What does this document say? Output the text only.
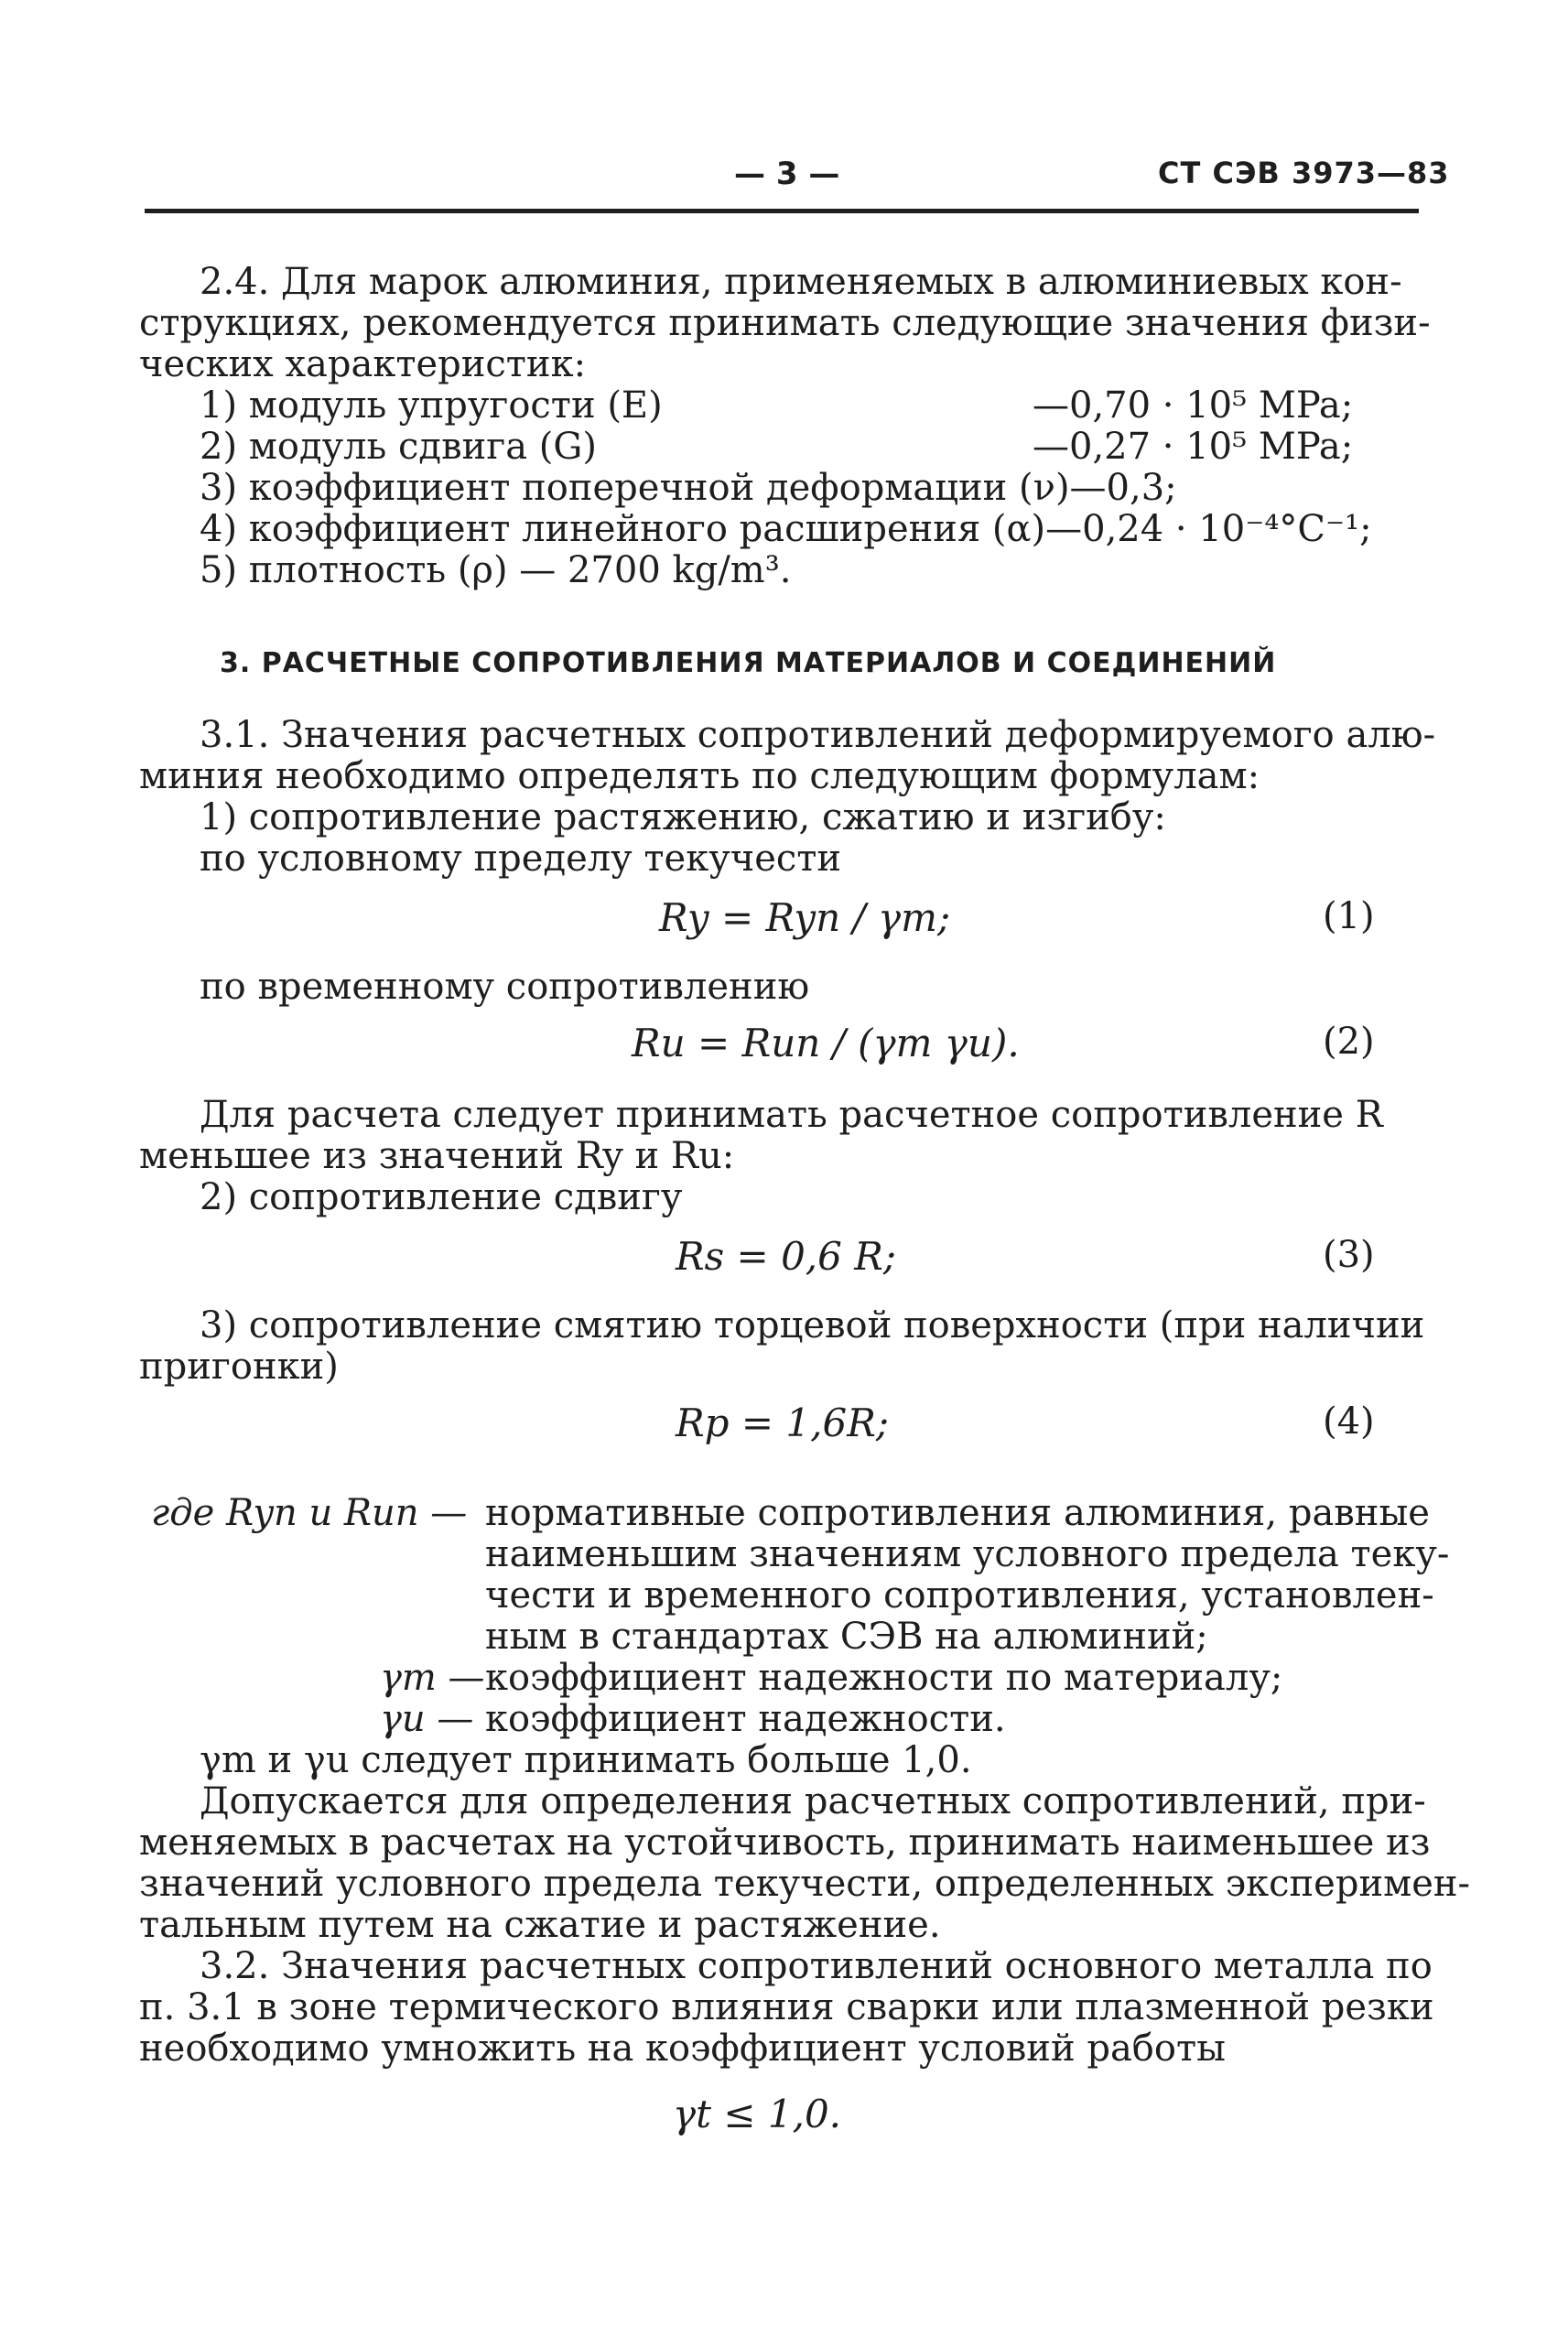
— 3 —	СТ СЭВ 3973—83
2.4. Для марок алюминия, применяемых в алюминиевых кон-
струкциях, рекомендуется принимать следующие значения физи-
ческих характеристик:
1) модуль упругости (E)	—0,70 · 10⁵ MPa;
2) модуль сдвига (G)	—0,27 · 10⁵ MPa;
3) коэффициент поперечной деформации (ν)—0,3;
4) коэффициент линейного расширения (α)—0,24 · 10⁻⁴°C⁻¹;
5) плотность (ρ) — 2700 kg/m³.
3. РАСЧЕТНЫЕ СОПРОТИВЛЕНИЯ МАТЕРИАЛОВ И СОЕДИНЕНИЙ
3.1. Значения расчетных сопротивлений деформируемого алю-
миния необходимо определять по следующим формулам:
1) сопротивление растяжению, сжатию и изгибу:
по условному пределу текучести
Ry = Ryn / γm;	(1)
по временному сопротивлению
Ru = Run / (γm γu).	(2)
Для расчета следует принимать расчетное сопротивление R
меньшее из значений Ry и Ru:
2) сопротивление сдвигу
Rs = 0,6 R;	(3)
3) сопротивление смятию торцевой поверхности (при наличии
пригонки)
Rp = 1,6R;	(4)
где Ryn и Run — нормативные сопротивления алюминия, равные
наименьшим значениям условного предела теку-
чести и временного сопротивления, установлен-
ным в стандартах СЭВ на алюминий;
γm — коэффициент надежности по материалу;
γu — коэффициент надежности.
γm и γu следует принимать больше 1,0.
Допускается для определения расчетных сопротивлений, при-
меняемых в расчетах на устойчивость, принимать наименьшее из
значений условного предела текучести, определенных эксперимен-
тальным путем на сжатие и растяжение.
3.2. Значения расчетных сопротивлений основного металла по
п. 3.1 в зоне термического влияния сварки или плазменной резки
необходимо умножить на коэффициент условий работы
γt ≤ 1,0.
